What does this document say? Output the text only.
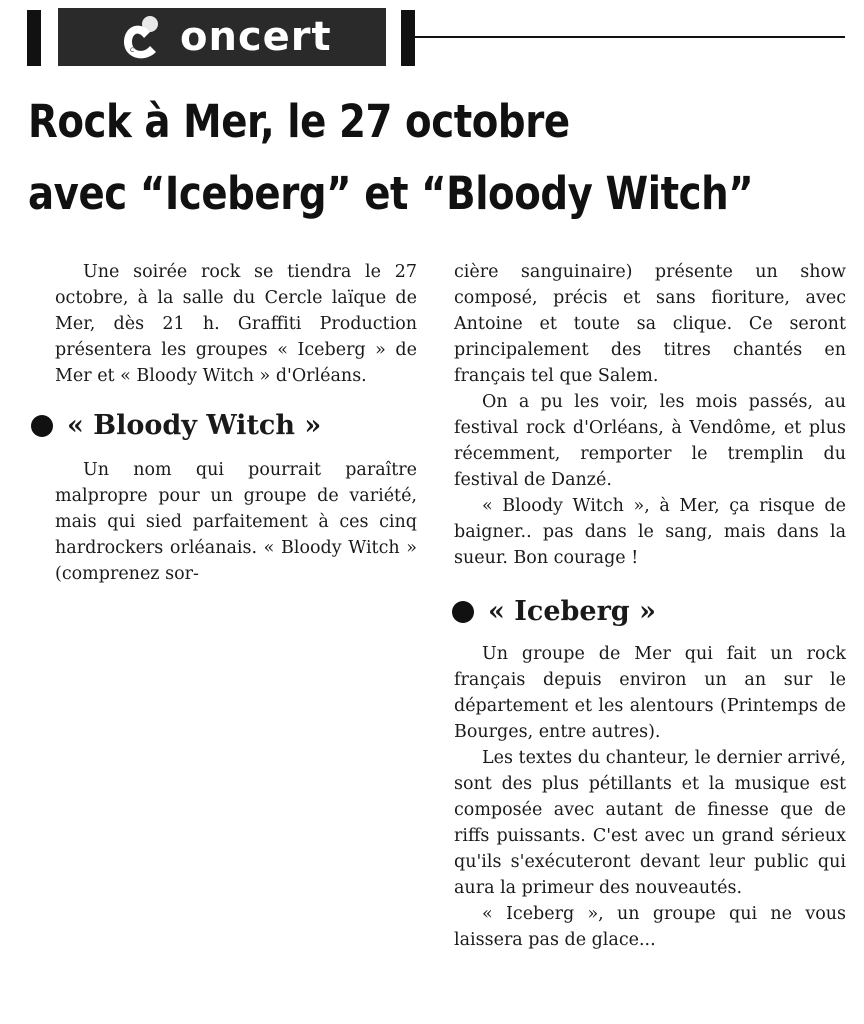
C oncert
Rock à Mer, le 27 octobre
avec “Iceberg” et “Bloody Witch”

Une soirée rock se tiendra le 27 octobre, à la salle du Cercle laïque de Mer, dès 21 h. Graffiti Production présentera les groupes « Iceberg » de Mer et « Bloody Witch » d'Orléans.

« Bloody Witch »

Un nom qui pourrait paraître malpropre pour un groupe de variété, mais qui sied parfaitement à ces cinq hardrockers orléanais. « Bloody Witch » (comprenez sor-

cière sanguinaire) présente un show composé, précis et sans fioriture, avec Antoine et toute sa clique. Ce seront principalement des titres chantés en français tel que Salem.

On a pu les voir, les mois passés, au festival rock d'Orléans, à Vendôme, et plus récemment, remporter le tremplin du festival de Danzé.

« Bloody Witch », à Mer, ça risque de baigner.. pas dans le sang, mais dans la sueur. Bon courage !

« Iceberg »

Un groupe de Mer qui fait un rock français depuis environ un an sur le département et les alentours (Printemps de Bourges, entre autres).

Les textes du chanteur, le dernier arrivé, sont des plus pétillants et la musique est composée avec autant de finesse que de riffs puissants. C'est avec un grand sérieux qu'ils s'exécuteront devant leur public qui aura la primeur des nouveautés.

« Iceberg », un groupe qui ne vous laissera pas de glace...
